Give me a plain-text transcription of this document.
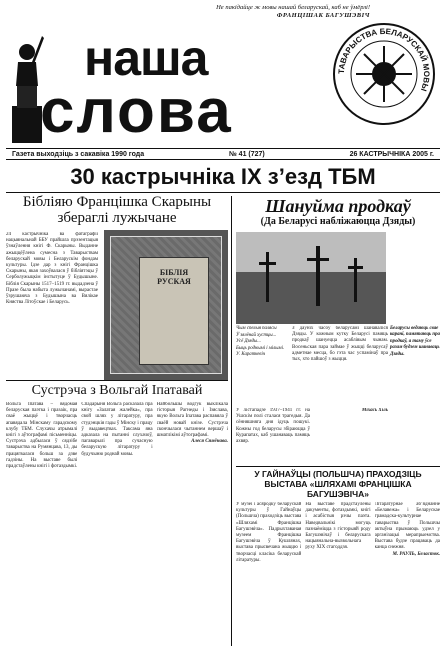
наша
слова
Не пакідайце ж мовы нашай беларускай, каб не ўмёрлі!
ФРАНЦІШАК БАГУШЭВІЧ
ТАВАРЫСТВА БЕЛАРУСКАЙ МОВЫ
Газета выходзіць з сакавіка 1990 года	№ 41 (727)	26 КАСТРЫЧНІКА 2005 г.
30 кастрычніка IX з’езд ТБМ
Бібліяю Францішка Скарыны збераглі лужычане
24 кастрычніка ва фатаграфіі нацыянальнай ББУ прайшла прэзентацыя ўзнаўлення кнігі Ф. Скарыны. Выданне ажыццёўлена сумесна з Таварыствам беларускай мовы і Беларускім фондам культуры. Ідзе дар з кнігі Францішка Скарыны, якая захоўвалася ў бібліятэцы ў Серболужыцкім інстытуце ў Будышыне. Біблія Скарыны 1517–1519 гг. выдадзена ў Празе была набыта лужычанамі, вырастае ўзрушаюча з Будышына ва Вялікае Княства Літоўскае і Беларусь.
БІБЛІЯ РУСКАЯ
Сустрэча з Вольгай Іпатавай
Вольга Іпатава – вядомая беларуская паэтка і празаік, пра сваё жыццё і творчасць апавядала Мінскаму гарадскому клубу ТБМ. Слухачы атрымалі кнігі з аўтографамі пісьменніцы. Сустрэча адбылася ў сядзібе таварыства на Румянцава, 13, ды працягвалася больш за дзве гадзіны. На выставе былі прадстаўлены кнігі і фотаздымкі.
Спадарыня Вольга расказала пра кнігу «Залатая жалейка», пра свой шлях у літаратуру, пра студэнцкія гады ў Мінску і працу ў выдавецтвах. Таксама яна адказала на пытанні слухачоў, пагаварылі пра сучасную беларускую літаратуру і будучыню роднай мовы.
Найбольшы водгук выклікала гісторыя Рагнеды і Ізяслава, якую Вольга Іпатава распавяла ў сваёй новай кнізе. Сустрэча скончылася чытаннем вершаў і шматлікімі аўтографамі.
Алеся Сямёнава.
Шануйма продкаў
(Да Беларусі набліжаюцца Дзяды)
Чым спелыя палясы
Ў зялёнай хустцы...
Усё Дзяды...
Быць роднымі і мілымі.
У. Караткевіч
З даўніх часоў беларусамі шанаваліся Дзяды. У кожным кутку Беларусі памяць продкаў шануецца асаблівым чынам. Восеньская пара займае ў жыцці беларусаў адметнае месца, бо гэта час успамінаў пра тых, хто пайшоў з жыцця.
У лістападзе 1937–1941 гг. на Ушскім полі сталася трагедыя. Да сённяшняга дня ідуць пошукі. Кожны год беларусы збіраюцца ў Курапатах, каб ушанаваць памяць ахвяр.
Міхась Хіль
Беларусы ведаюць свае карані, памятаюць пра продкаў, а таму ўсе разам будзем шанаваць Дзяды.
У ГАЙНАЎЦЫ (ПОЛЬШЧА) ПРАХОДЗІЦЬ ВЫСТАВА «ШЛЯХАМІ ФРАНЦІШКА БАГУШЭВІЧА»
У музеі і асяродку беларускай культуры ў Гайнаўцы (Польшча) праходзіць выстава «Шляхамі Францішка Багушэвіча». Падрыхтаваная музеем Францішка Багушэвіча ў Кушлянах, выстава прысвечана жыццю і творчасці класіка беларускай літаратуры.
На выставе прадстаўлены дакументы, фотаздымкі, кнігі і асабістыя рэчы паэта. Наведвальнікі могуць пазнаёміцца з гісторыяй роду Багушэвічаў і беларускага нацыянальна-вызвольнага руху ХІХ стагоддзя.
Літаратурнае аб’яднанне «Белавежа» і Беларускае грамадска-культурнае таварыства ў Польшчы актыўна прымаюць удзел у арганізацыі мерапрыемства. Выстава будзе працаваць да канца снежня.
М. РАУЛЬ, Беласток.
